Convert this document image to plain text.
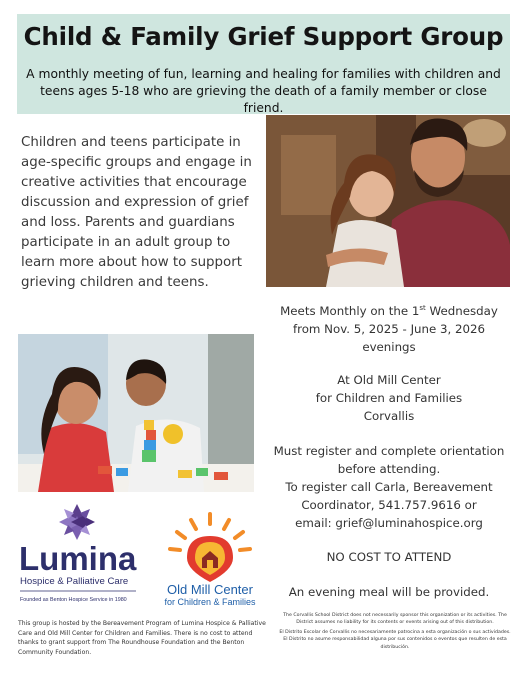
Child & Family Grief Support Group
A monthly meeting of fun, learning and healing for families with children and teens ages 5-18 who are grieving the death of a family member or close friend.
Children and teens participate in age-specific groups and engage in creative activities that encourage discussion and expression of grief and loss. Parents and guardians participate in an adult group to learn more about how to support grieving children and teens.
Meets Monthly on the 1st Wednesday
from Nov. 5, 2025 - June 3, 2026
evenings
At Old Mill Center
for Children and Families
Corvallis
Must register and complete orientation before attending.
To register call Carla, Bereavement Coordinator, 541.757.9616 or
email: grief@luminahospice.org
NO COST TO ATTEND
An evening meal will be provided.
Lumina
Hospice & Palliative Care
Founded as Benton Hospice Service in 1980
Old Mill Center
for Children & Families
This group is hosted by the Bereavement Program of Lumina Hospice & Palliative Care and Old Mill Center for Children and Families. There is no cost to attend thanks to grant support from The Roundhouse Foundation and the Benton Community Foundation.

The Corvallis School District does not necessarily sponsor this organization or its activities. The District assumes no liability for its contents or events arising out of this distribution.

El Distrito Escolar de Corvallis no necesariamente patrocina a esta organización o sus actividades. El Distrito no asume responsabilidad alguna por sus contenidos o eventos que resulten de esta distribución.
